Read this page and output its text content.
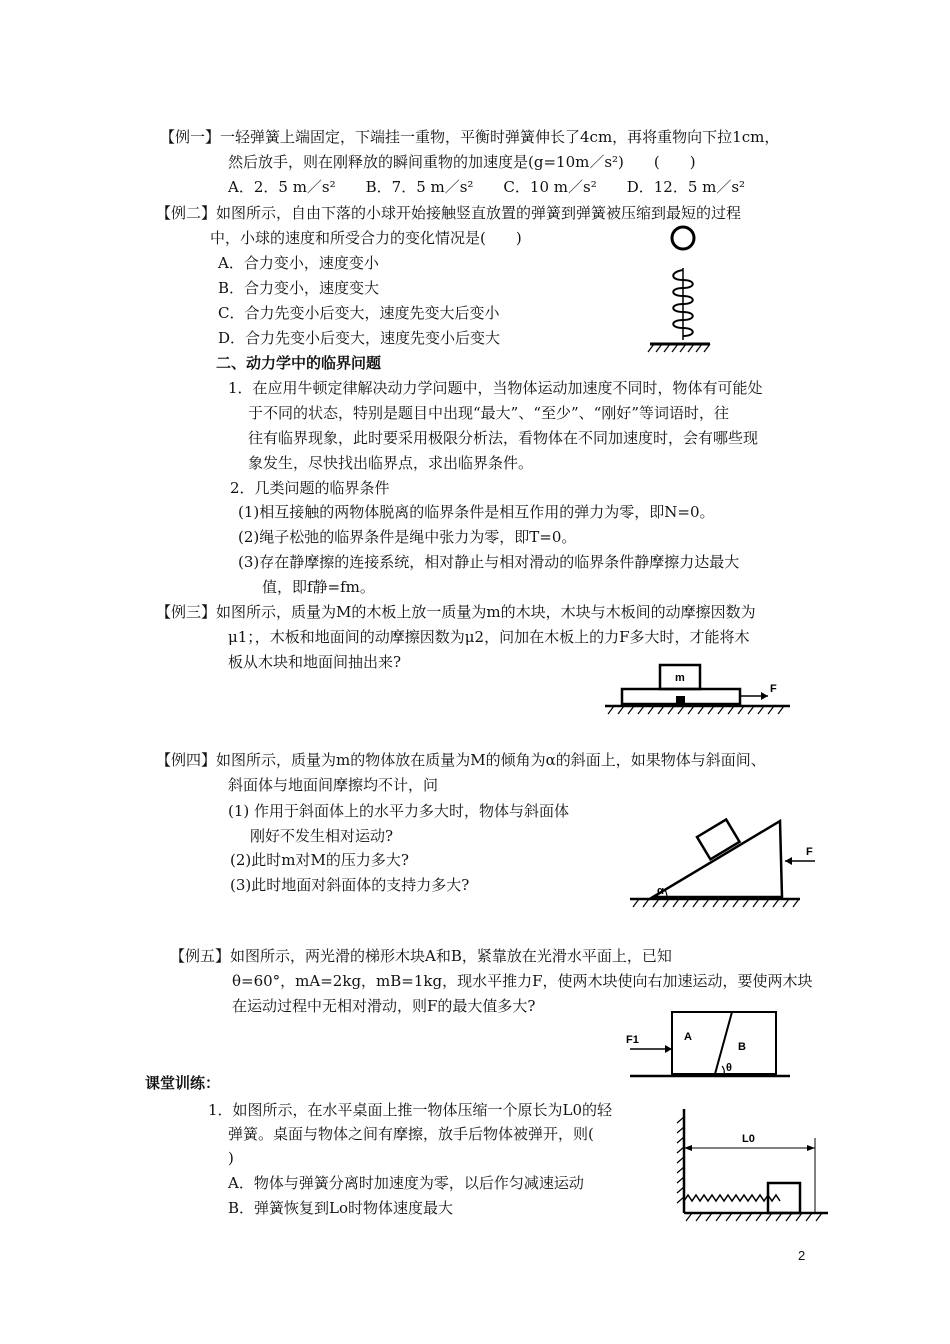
【例一】一轻弹簧上端固定，下端挂一重物，平衡时弹簧伸长了4cm，再将重物向下拉1cm，
然后放手，则在刚释放的瞬间重物的加速度是(g=10m／s²)　　(　　)
A．2．5 m／s²　　B．7．5 m／s²　　C．10 m／s²　　D．12．5 m／s²
【例二】如图所示，自由下落的小球开始接触竖直放置的弹簧到弹簧被压缩到最短的过程
中，小球的速度和所受合力的变化情况是(　　)
A．合力变小，速度变小
B．合力变小，速度变大
C．合力先变小后变大，速度先变大后变小
D．合力先变小后变大，速度先变小后变大
二、动力学中的临界问题
1．在应用牛顿定律解决动力学问题中，当物体运动加速度不同时，物体有可能处
于不同的状态，特别是题目中出现“最大”、“至少”、“刚好”等词语时，往
往有临界现象，此时要采用极限分析法，看物体在不同加速度时，会有哪些现
象发生，尽快找出临界点，求出临界条件。
2．几类问题的临界条件
(1)相互接触的两物体脱离的临界条件是相互作用的弹力为零，即N=0。
(2)绳子松弛的临界条件是绳中张力为零，即T=0。
(3)存在静摩擦的连接系统，相对静止与相对滑动的临界条件静摩擦力达最大
值，即f静=fm。
【例三】如图所示，质量为M的木板上放一质量为m的木块，木块与木板间的动摩擦因数为
μ1；，木板和地面间的动摩擦因数为μ2，问加在木板上的力F多大时，才能将木
板从木块和地面间抽出来?
m
F
【例四】如图所示，质量为m的物体放在质量为M的倾角为α的斜面上，如果物体与斜面间、
斜面体与地面间摩擦均不计，问
(1) 作用于斜面体上的水平力多大时，物体与斜面体
刚好不发生相对运动?
(2)此时m对M的压力多大?
(3)此时地面对斜面体的支持力多大?	α
F
【例五】如图所示，两光滑的梯形木块A和B，紧靠放在光滑水平面上，已知
θ=60°，mA=2kg，mB=1kg，现水平推力F，使两木块使向右加速运动，要使两木块
在运动过程中无相对滑动，则F的最大值多大?
A
B
θ
F1
课堂训练：
1．如图所示，在水平桌面上推一物体压缩一个原长为L0的轻
弹簧。桌面与物体之间有摩擦，放手后物体被弹开，则(
)
A．物体与弹簧分离时加速度为零，以后作匀减速运动
B．弹簧恢复到Lo时物体速度最大
L0
2
